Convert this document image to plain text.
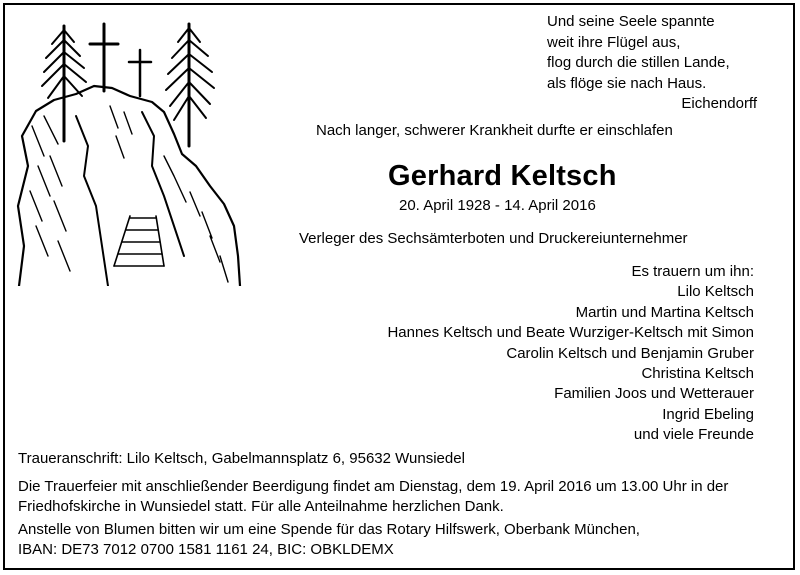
Und seine Seele spannte
weit ihre Flügel aus,
flog durch die stillen Lande,
als flöge sie nach Haus.
Eichendorff
Nach langer, schwerer Krankheit durfte er einschlafen
Gerhard Keltsch
20. April 1928 - 14. April 2016
Verleger des Sechsämterboten und Druckereiunternehmer
Es trauern um ihn:
Lilo Keltsch
Martin und Martina Keltsch
Hannes Keltsch und Beate Wurziger-Keltsch mit Simon
Carolin Keltsch und Benjamin Gruber
Christina Keltsch
Familien Joos und Wetterauer
Ingrid Ebeling
und viele Freunde
Traueranschrift: Lilo Keltsch, Gabelmannsplatz 6, 95632 Wunsiedel
Die Trauerfeier mit anschließender Beerdigung findet am Dienstag, dem 19. April 2016 um 13.00 Uhr in der
Friedhofskirche in Wunsiedel statt. Für alle Anteilnahme herzlichen Dank.
Anstelle von Blumen bitten wir um eine Spende für das Rotary Hilfswerk, Oberbank München,
IBAN: DE73 7012 0700 1581 1161 24, BIC: OBKLDEMX
